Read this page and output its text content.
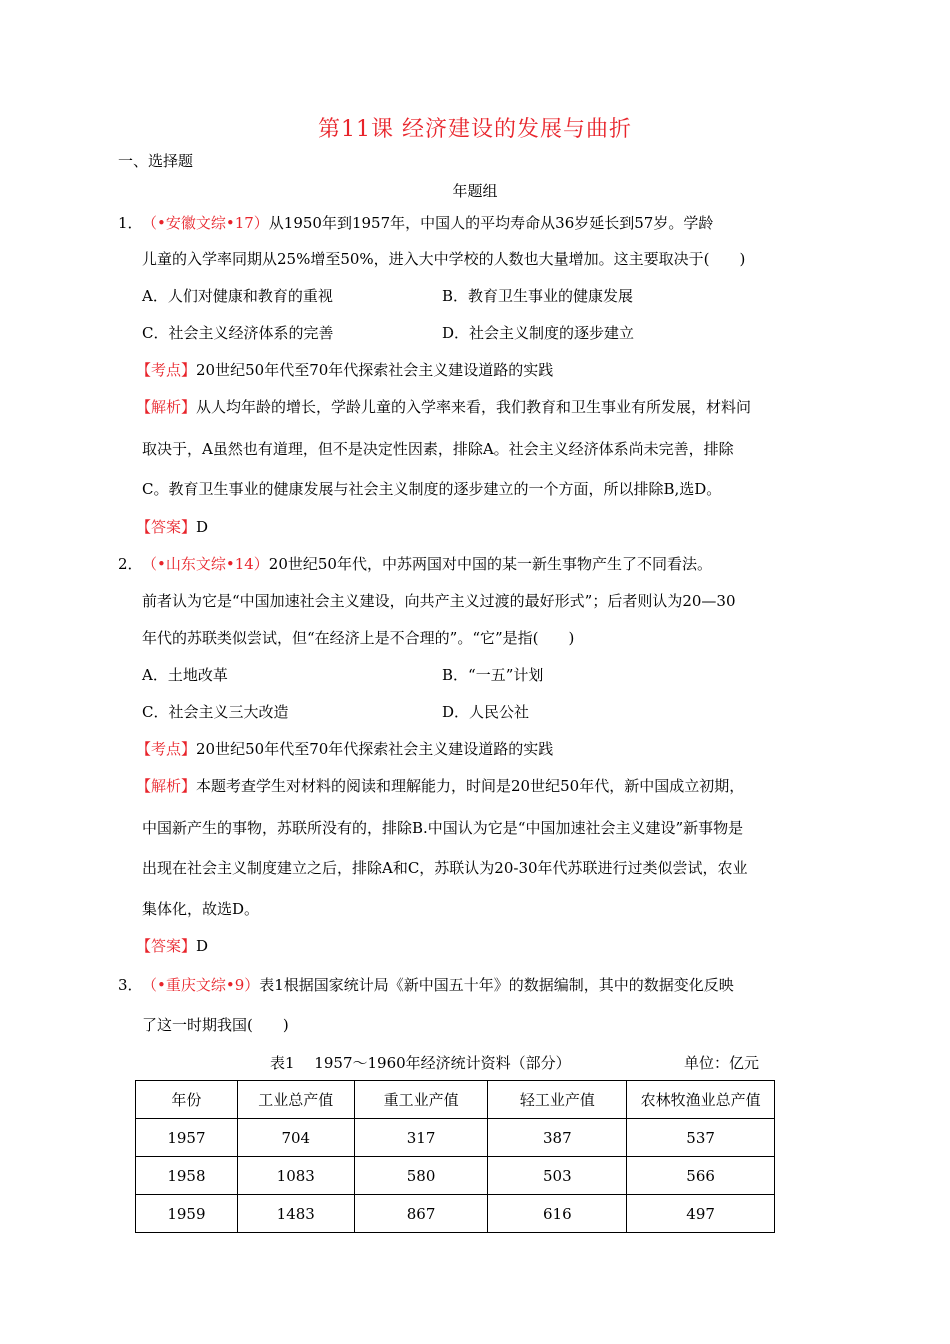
第11课 经济建设的发展与曲折
一、选择题
年题组
1． （•安徽文综•17）从1950年到1957年，中国人的平均寿命从36岁延长到57岁。学龄
儿童的入学率同期从25%增至50%，进入大中学校的人数也大量增加。这主要取决于(　　)
A．人们对健康和教育的重视	B．教育卫生事业的健康发展
C．社会主义经济体系的完善	D．社会主义制度的逐步建立
【考点】20世纪50年代至70年代探索社会主义建设道路的实践
【解析】从人均年龄的增长，学龄儿童的入学率来看，我们教育和卫生事业有所发展，材料问
取决于，A虽然也有道理，但不是决定性因素，排除A。社会主义经济体系尚未完善，排除
C。教育卫生事业的健康发展与社会主义制度的逐步建立的一个方面，所以排除B,选D。
【答案】D
2． （•山东文综•14）20世纪50年代，中苏两国对中国的某一新生事物产生了不同看法。
前者认为它是“中国加速社会主义建设，向共产主义过渡的最好形式”；后者则认为20—30
年代的苏联类似尝试，但“在经济上是不合理的”。“它”是指(　　)
A．土地改革	B．“一五”计划
C．社会主义三大改造	D．人民公社
【考点】20世纪50年代至70年代探索社会主义建设道路的实践
【解析】本题考查学生对材料的阅读和理解能力，时间是20世纪50年代，新中国成立初期，
中国新产生的事物，苏联所没有的，排除B.中国认为它是“中国加速社会主义建设”新事物是
出现在社会主义制度建立之后，排除A和C，苏联认为20-30年代苏联进行过类似尝试，农业
集体化，故选D。
【答案】D
3． （•重庆文综•9）表1根据国家统计局《新中国五十年》的数据编制，其中的数据变化反映
了这一时期我国(　　)
表1　 1957～1960年经济统计资料（部分）	单位：亿元
年份	工业总产值	重工业产值	轻工业产值	农林牧渔业总产值
1957	704	317	387	537
1958	1083	580	503	566
1959	1483	867	616	497
